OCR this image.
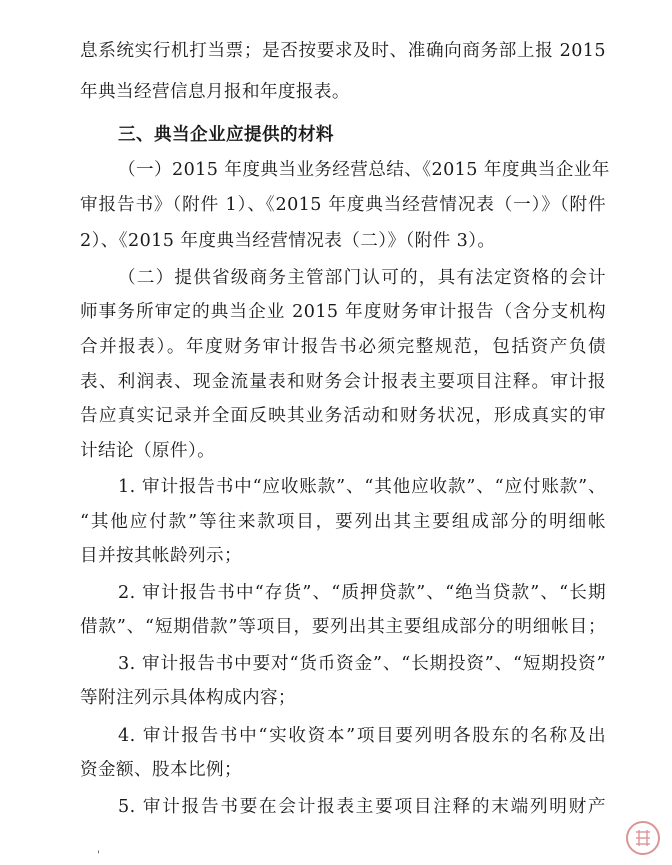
息系统实行机打当票；是否按要求及时、准确向商务部上报 2015
年典当经营信息月报和年度报表。
三、典当企业应提供的材料
（一）2015 年度典当业务经营总结、《2015 年度典当企业年
审报告书》（附件 1）、《2015 年度典当经营情况表（一）》（附件
2）、《2015 年度典当经营情况表（二）》（附件 3）。
（二）提供省级商务主管部门认可的，具有法定资格的会计
师事务所审定的典当企业 2015 年度财务审计报告（含分支机构
合并报表）。年度财务审计报告书必须完整规范，包括资产负债
表、利润表、现金流量表和财务会计报表主要项目注释。审计报
告应真实记录并全面反映其业务活动和财务状况，形成真实的审
计结论（原件）。
1. 审计报告书中“应收账款”、“其他应收款”、“应付账款”、
“其他应付款”等往来款项目，要列出其主要组成部分的明细帐
目并按其帐龄列示；
2. 审计报告书中“存货”、“质押贷款”、“绝当贷款”、“长期
借款”、“短期借款”等项目，要列出其主要组成部分的明细帐目；
3. 审计报告书中要对“货币资金”、“长期投资”、“短期投资”
等附注列示具体构成内容；
4. 审计报告书中“实收资本”项目要列明各股东的名称及出
资金额、股本比例；
5. 审计报告书要在会计报表主要项目注释的末端列明财产
'
